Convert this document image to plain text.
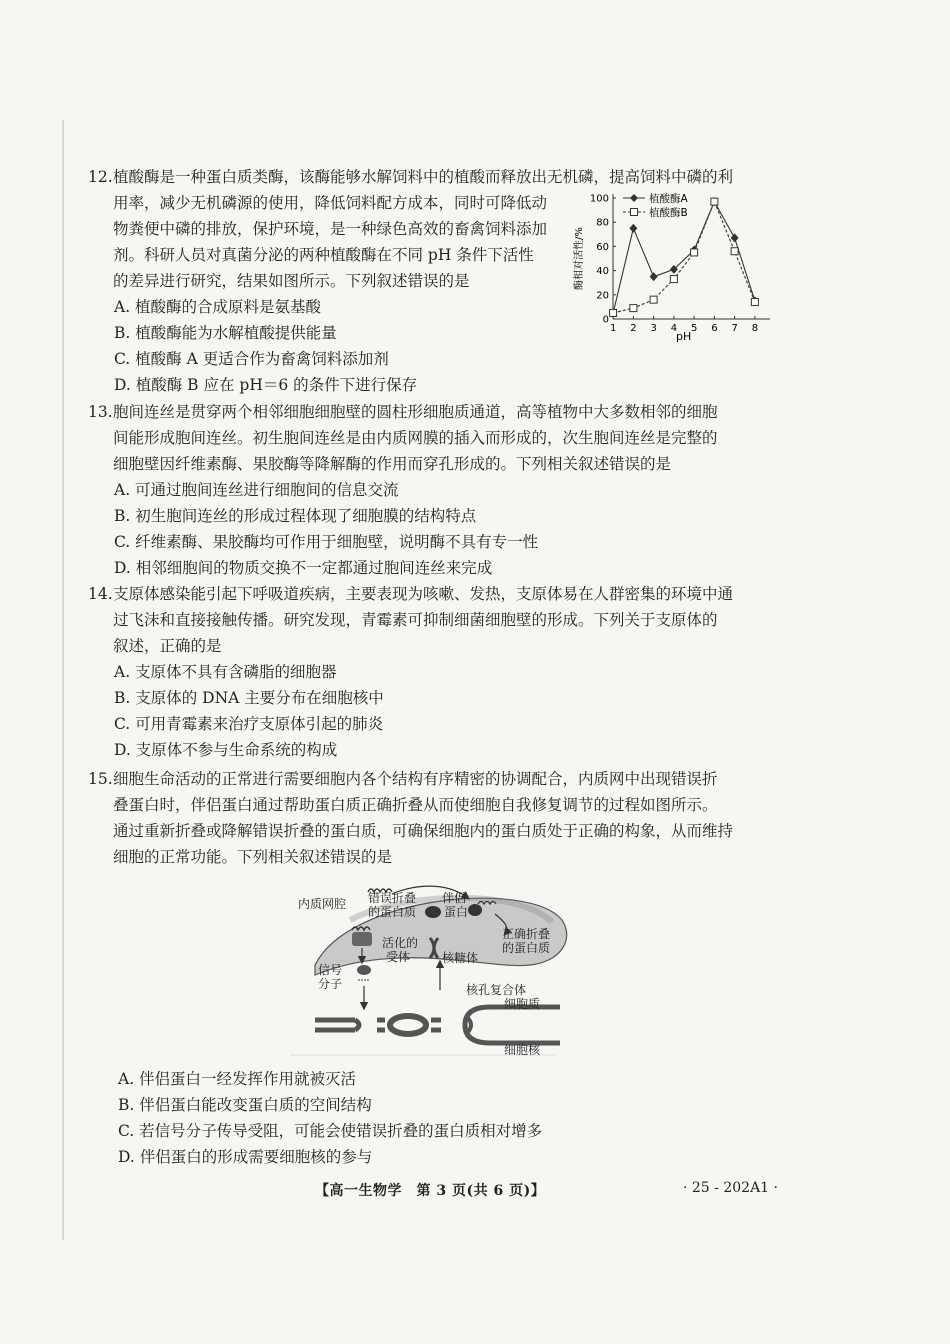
12.植酸酶是一种蛋白质类酶，该酶能够水解饲料中的植酸而释放出无机磷，提高饲料中磷的利

用率，减少无机磷源的使用，降低饲料配方成本，同时可降低动
物粪便中磷的排放，保护环境，是一种绿色高效的畜禽饲料添加
剂。科研人员对真菌分泌的两种植酸酶在不同 pH 条件下活性
的差异进行研究，结果如图所示。下列叙述错误的是
A. 植酸酶的合成原料是氨基酸
B. 植酸酶能为水解植酸提供能量
C. 植酸酶 A 更适合作为畜禽饲料添加剂
D. 植酸酶 B 应在 pH＝6 的条件下进行保存
0
20
40
60
80
100
1 2 3 4 5 6 7 8
酶相对活性/%
pH
植酸酶A
植酸酶B

13.胞间连丝是贯穿两个相邻细胞细胞壁的圆柱形细胞质通道，高等植物中大多数相邻的细胞

间能形成胞间连丝。初生胞间连丝是由内质网膜的插入而形成的，次生胞间连丝是完整的
细胞壁因纤维素酶、果胶酶等降解酶的作用而穿孔形成的。下列相关叙述错误的是
A. 可通过胞间连丝进行细胞间的信息交流
B. 初生胞间连丝的形成过程体现了细胞膜的结构特点
C. 纤维素酶、果胶酶均可作用于细胞壁，说明酶不具有专一性
D. 相邻细胞间的物质交换不一定都通过胞间连丝来完成

14.支原体感染能引起下呼吸道疾病，主要表现为咳嗽、发热，支原体易在人群密集的环境中通

过飞沫和直接接触传播。研究发现，青霉素可抑制细菌细胞壁的形成。下列关于支原体的
叙述，正确的是
A. 支原体不具有含磷脂的细胞器
B. 支原体的 DNA 主要分布在细胞核中
C. 可用青霉素来治疗支原体引起的肺炎
D. 支原体不参与生命系统的构成

15.细胞生命活动的正常进行需要细胞内各个结构有序精密的协调配合，内质网中出现错误折

叠蛋白时，伴侣蛋白通过帮助蛋白质正确折叠从而使细胞自我修复调节的过程如图所示。
通过重新折叠或降解错误折叠的蛋白质，可确保细胞内的蛋白质处于正确的构象，从而维持
细胞的正常功能。下列相关叙述错误的是
内质网腔 错误折叠
的蛋白质
伴侣
蛋白
正确折叠
的蛋白质
活化的
受体	核糖体
信号
分子	核孔复合体
细胞质
细胞核
A. 伴侣蛋白一经发挥作用就被灭活
B. 伴侣蛋白能改变蛋白质的空间结构
C. 若信号分子传导受阻，可能会使错误折叠的蛋白质相对增多
D. 伴侣蛋白的形成需要细胞核的参与
【高一生物学　第 3 页(共 6 页)】	· 25 - 202A1 ·
